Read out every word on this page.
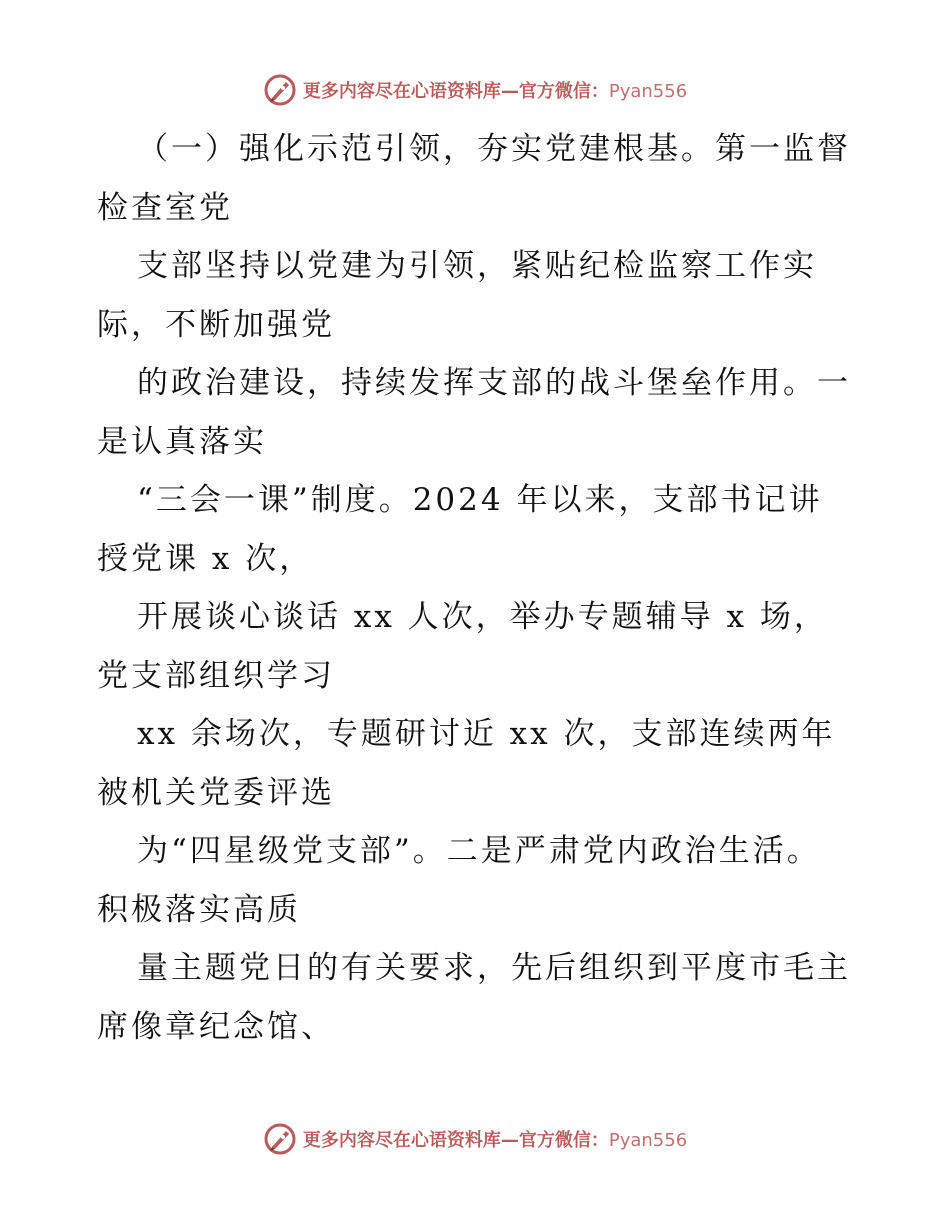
更多内容尽在心语资料库—官方微信：Pyan556
（一）强化示范引领，夯实党建根基。第一监督
检查室党
支部坚持以党建为引领，紧贴纪检监察工作实
际，不断加强党
的政治建设，持续发挥支部的战斗堡垒作用。一
是认真落实
“三会一课”制度。2024 年以来，支部书记讲
授党课 x 次，
开展谈心谈话 xx 人次，举办专题辅导 x 场，
党支部组织学习
xx 余场次，专题研讨近 xx 次，支部连续两年
被机关党委评选
为“四星级党支部”。二是严肃党内政治生活。
积极落实高质
量主题党日的有关要求，先后组织到平度市毛主
席像章纪念馆、
更多内容尽在心语资料库—官方微信：Pyan556
